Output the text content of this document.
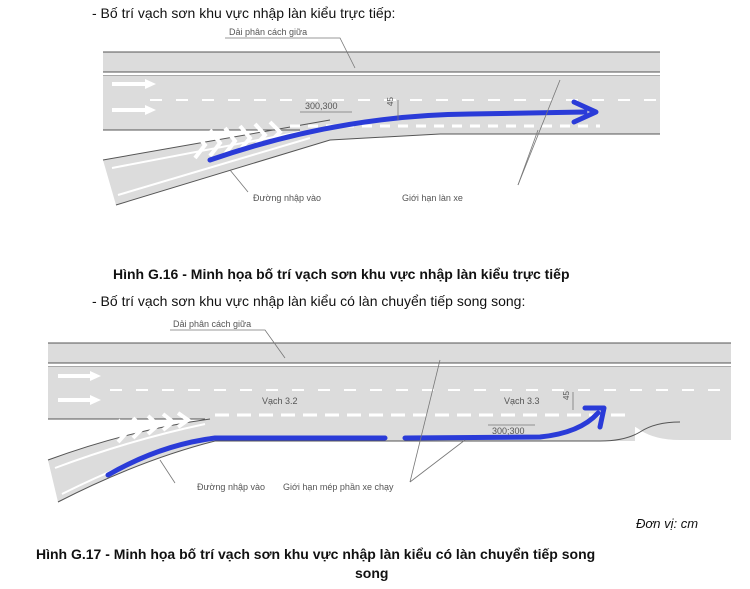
- Bố trí vạch sơn khu vực nhập làn kiểu trực tiếp:
Dải phân cách giữa
300,300	45
Đường nhập vào	Giới hạn làn xe
Dải phân cách giữa
Vạch 3.2	Vạch 3.3
300;300
45
Đường nhập vào Giới hạn mép phần xe chạy
Hình G.16 - Minh họa bố trí vạch sơn khu vực nhập làn kiểu trực tiếp
- Bố trí vạch sơn khu vực nhập làn kiểu có làn chuyển tiếp song song:
Đơn vị: cm
Hình G.17 - Minh họa bố trí vạch sơn khu vực nhập làn kiểu có làn chuyển tiếp song
song
